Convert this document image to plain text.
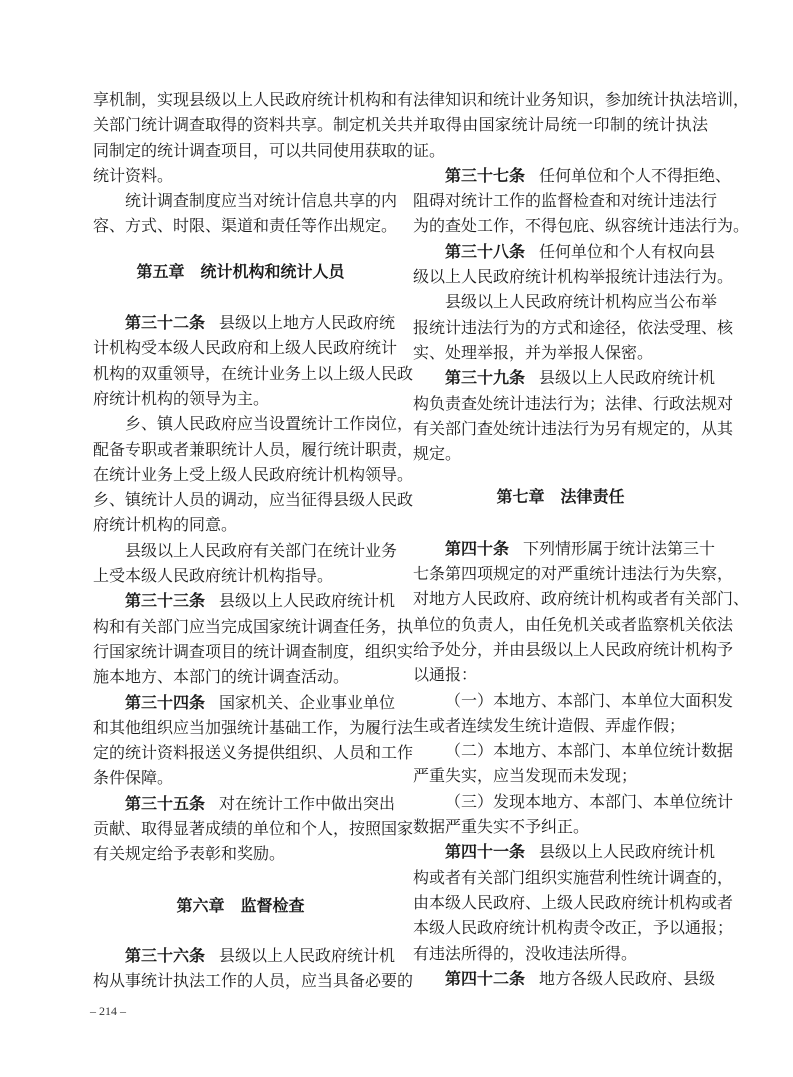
享机制，实现县级以上人民政府统计机构和有
关部门统计调查取得的资料共享。制定机关共
同制定的统计调查项目，可以共同使用获取的
统计资料。
统计调查制度应当对统计信息共享的内
容、方式、时限、渠道和责任等作出规定。
第五章 统计机构和统计人员
第三十二条 县级以上地方人民政府统
计机构受本级人民政府和上级人民政府统计
机构的双重领导，在统计业务上以上级人民政
府统计机构的领导为主。
乡、镇人民政府应当设置统计工作岗位，
配备专职或者兼职统计人员，履行统计职责，
在统计业务上受上级人民政府统计机构领导。
乡、镇统计人员的调动，应当征得县级人民政
府统计机构的同意。
县级以上人民政府有关部门在统计业务
上受本级人民政府统计机构指导。
第三十三条 县级以上人民政府统计机
构和有关部门应当完成国家统计调查任务，执
行国家统计调查项目的统计调查制度，组织实
施本地方、本部门的统计调查活动。
第三十四条 国家机关、企业事业单位
和其他组织应当加强统计基础工作，为履行法
定的统计资料报送义务提供组织、人员和工作
条件保障。
第三十五条 对在统计工作中做出突出
贡献、取得显著成绩的单位和个人，按照国家
有关规定给予表彰和奖励。
第六章 监督检查
第三十六条 县级以上人民政府统计机
构从事统计执法工作的人员，应当具备必要的
法律知识和统计业务知识，参加统计执法培训，
并取得由国家统计局统一印制的统计执法
证。
第三十七条 任何单位和个人不得拒绝、
阻碍对统计工作的监督检查和对统计违法行
为的查处工作，不得包庇、纵容统计违法行为。
第三十八条 任何单位和个人有权向县
级以上人民政府统计机构举报统计违法行为。
县级以上人民政府统计机构应当公布举
报统计违法行为的方式和途径，依法受理、核
实、处理举报，并为举报人保密。
第三十九条 县级以上人民政府统计机
构负责查处统计违法行为；法律、行政法规对
有关部门查处统计违法行为另有规定的，从其
规定。
第七章 法律责任
第四十条 下列情形属于统计法第三十
七条第四项规定的对严重统计违法行为失察，
对地方人民政府、政府统计机构或者有关部门、
单位的负责人，由任免机关或者监察机关依法
给予处分，并由县级以上人民政府统计机构予
以通报：
（一）本地方、本部门、本单位大面积发
生或者连续发生统计造假、弄虚作假；
（二）本地方、本部门、本单位统计数据
严重失实，应当发现而未发现；
（三）发现本地方、本部门、本单位统计
数据严重失实不予纠正。
第四十一条 县级以上人民政府统计机
构或者有关部门组织实施营利性统计调查的，
由本级人民政府、上级人民政府统计机构或者
本级人民政府统计机构责令改正，予以通报；
有违法所得的，没收违法所得。
第四十二条 地方各级人民政府、县级
– 214 –
